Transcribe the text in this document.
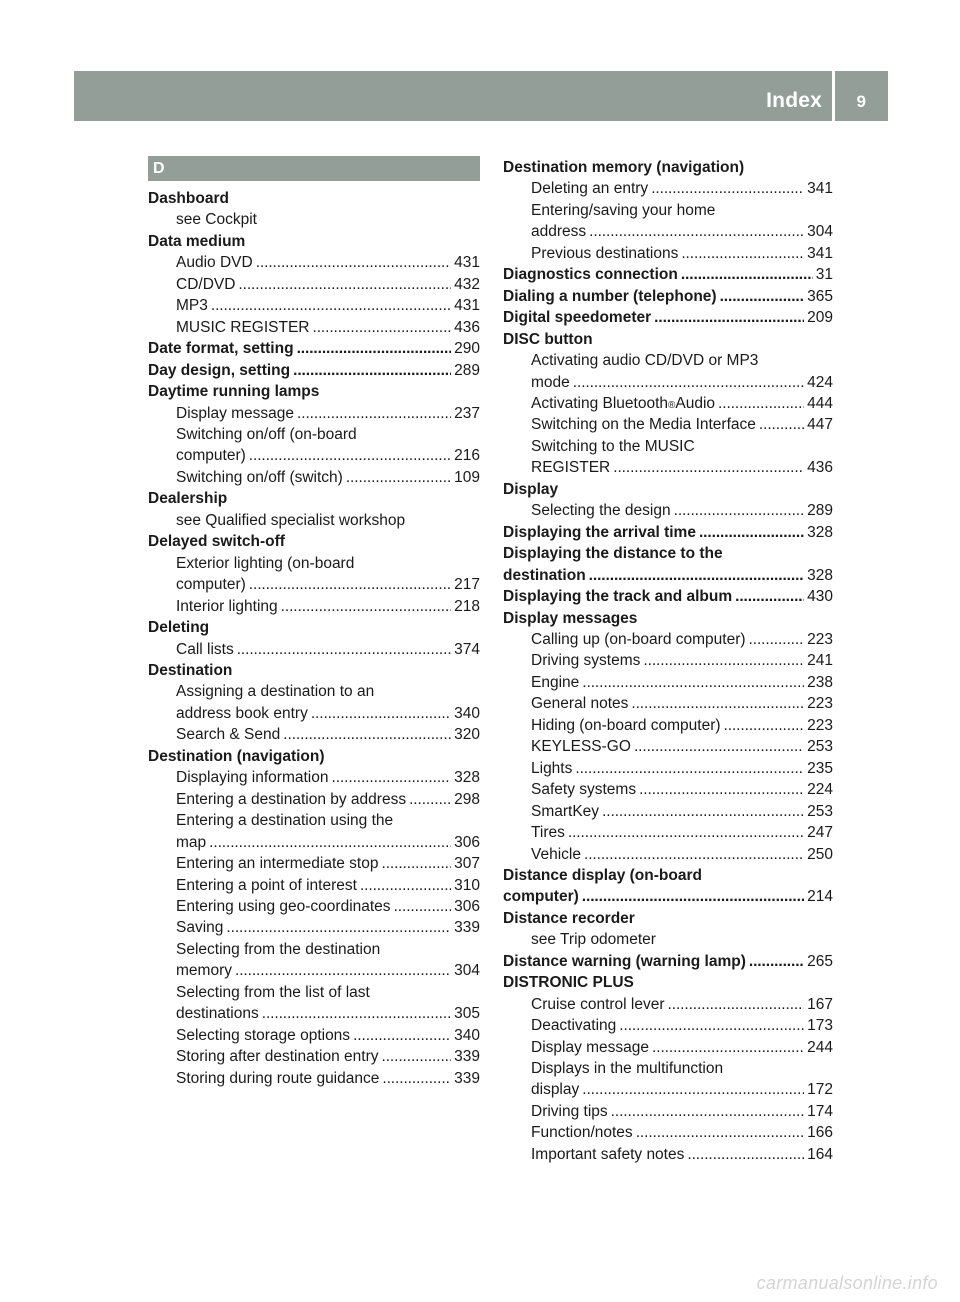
Index 9
D
Dashboard
see Cockpit
Data medium
Audio DVD . . .	431
CD/DVD . . .	432
MP3 . . .	431
MUSIC REGISTER . . .	436
Date format, setting . . .	290
Day design, setting . . .	289
Daytime running lamps
Display message . . .	237
Switching on/off (on-board
computer) . . .	216
Switching on/off (switch) . . .	109
Dealership
see Qualified specialist workshop
Delayed switch-off
Exterior lighting (on-board
computer) . . .	217
Interior lighting . . .	218
Deleting
Call lists . . .	374
Destination
Assigning a destination to an
address book entry . . .	340
Search & Send . . .	320
Destination (navigation)
Displaying information . . .	328
Entering a destination by address . . .	298
Entering a destination using the
map . . .	306
Entering an intermediate stop . . .	307
Entering a point of interest . . .	310
Entering using geo-coordinates . . .	306
Saving . . .	339
Selecting from the destination
memory . . .	304
Selecting from the list of last
destinations . . .	305
Selecting storage options . . .	340
Storing after destination entry . . .	339
Storing during route guidance . . .	339
Destination memory (navigation)
Deleting an entry . . .	341
Entering/saving your home
address . . .	304
Previous destinations . . .	341
Diagnostics connection . . .	31
Dialing a number (telephone) . . .	365
Digital speedometer . . .	209
DISC button
Activating audio CD/DVD or MP3
mode . . .	424
Activating Bluetooth ® Audio . . .	444
Switching on the Media Interface . . .	447
Switching to the MUSIC
REGISTER . . .	436
Display
Selecting the design . . .	289
Displaying the arrival time . . .	328
Displaying the distance to the
destination . . .	328
Displaying the track and album . . .	430
Display messages
Calling up (on-board computer) . . .	223
Driving systems . . .	241
Engine . . .	238
General notes . . .	223
Hiding (on-board computer) . . .	223
KEYLESS-GO . . .	253
Lights . . .	235
Safety systems . . .	224
SmartKey . . .	253
Tires . . .	247
Vehicle . . .	250
Distance display (on-board
computer) . . .	214
Distance recorder
see Trip odometer
Distance warning (warning lamp) . . .	265
DISTRONIC PLUS
Cruise control lever . . .	167
Deactivating . . .	173
Display message . . .	244
Displays in the multifunction
display . . .	172
Driving tips . . .	174
Function/notes . . .	166
Important safety notes . . .	164
carmanualsonline.info
